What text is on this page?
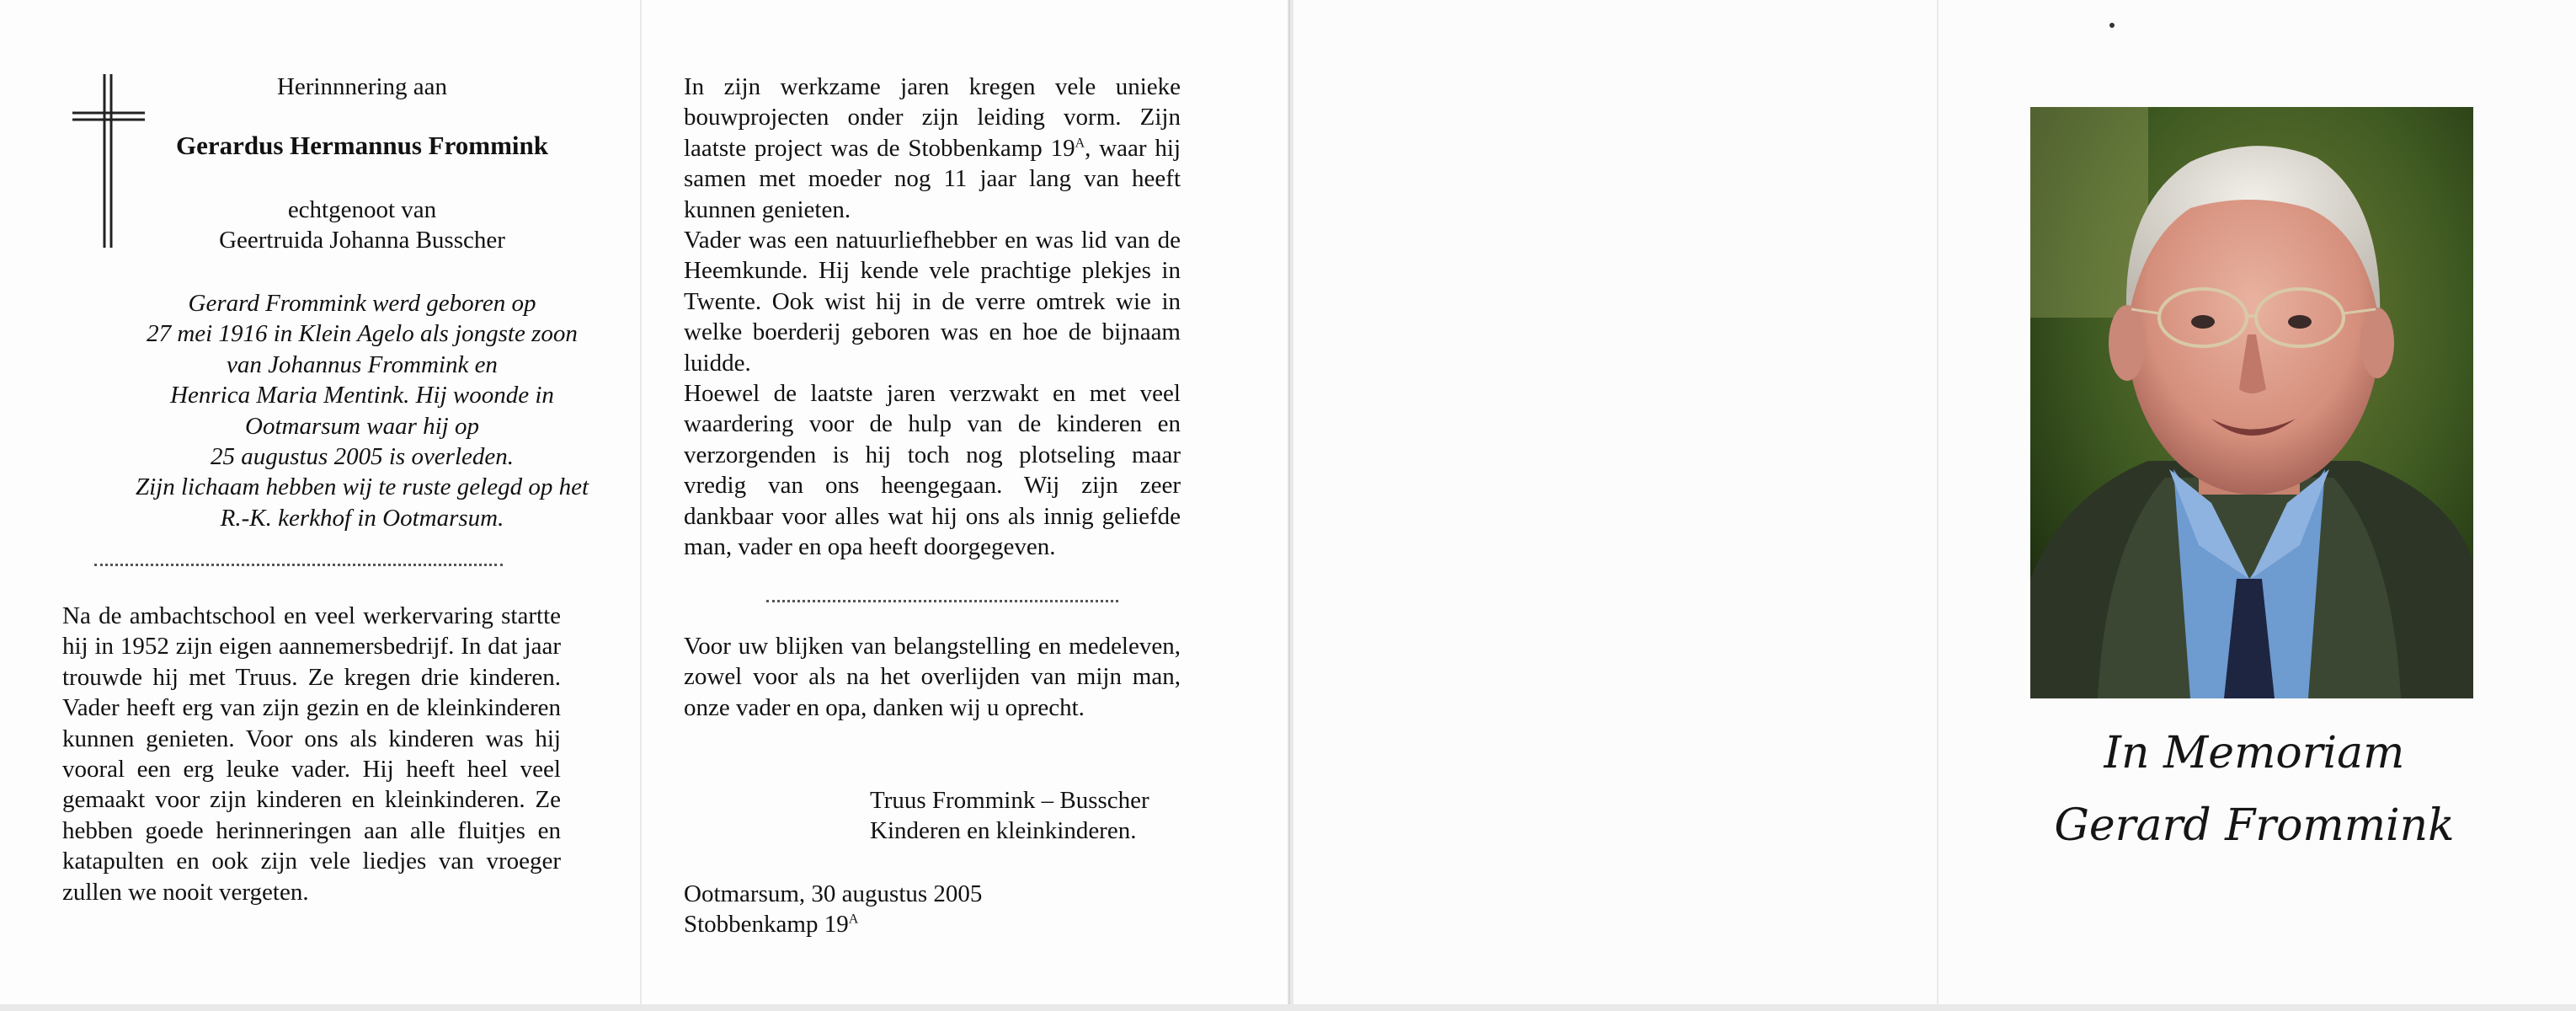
Herinnnering aan
Gerardus Hermannus Frommink
echtgenoot van
Geertruida Johanna Busscher
Gerard Frommink werd geboren op
27 mei 1916 in Klein Agelo als jongste zoon
van Johannus Frommink en
Henrica Maria Mentink. Hij woonde in
Ootmarsum waar hij op
25 augustus 2005 is overleden.
Zijn lichaam hebben wij te ruste gelegd op het
R.-K. kerkhof in Ootmarsum.
Na de ambachtschool en veel werkervaring startte hij in 1952 zijn eigen aannemersbedrijf. In dat jaar trouwde hij met Truus. Ze kregen drie kinderen. Vader heeft erg van zijn gezin en de kleinkinderen kunnen genieten. Voor ons als kinderen was hij vooral een erg leuke vader. Hij heeft heel veel gemaakt voor zijn kinderen en kleinkinderen. Ze hebben goede herinneringen aan alle fluitjes en katapulten en ook zijn vele liedjes van vroeger zullen we nooit vergeten.
In zijn werkzame jaren kregen vele unieke bouwprojecten onder zijn leiding vorm. Zijn laatste project was de Stobbenkamp $19^A$, waar hij samen met moeder nog 11 jaar lang van heeft kunnen genieten.
Vader was een natuurliefhebber en was lid van de Heemkunde. Hij kende vele prachtige plekjes in Twente. Ook wist hij in de verre omtrek wie in welke boerderij geboren was en hoe de bijnaam luidde.
Hoewel de laatste jaren verzwakt en met veel waardering voor de hulp van de kinderen en verzorgenden is hij toch nog plotseling maar vredig van ons heengegaan. Wij zijn zeer dankbaar voor alles wat hij ons als innig geliefde man, vader en opa heeft doorgegeven.
Voor uw blijken van belangstelling en medeleven, zowel voor als na het overlijden van mijn man, onze vader en opa, danken wij u oprecht.
Truus Frommink – Busscher
Kinderen en kleinkinderen.
Ootmarsum, 30 augustus 2005
Stobbenkamp $19^A$
In Memoriam
Gerard Frommink
